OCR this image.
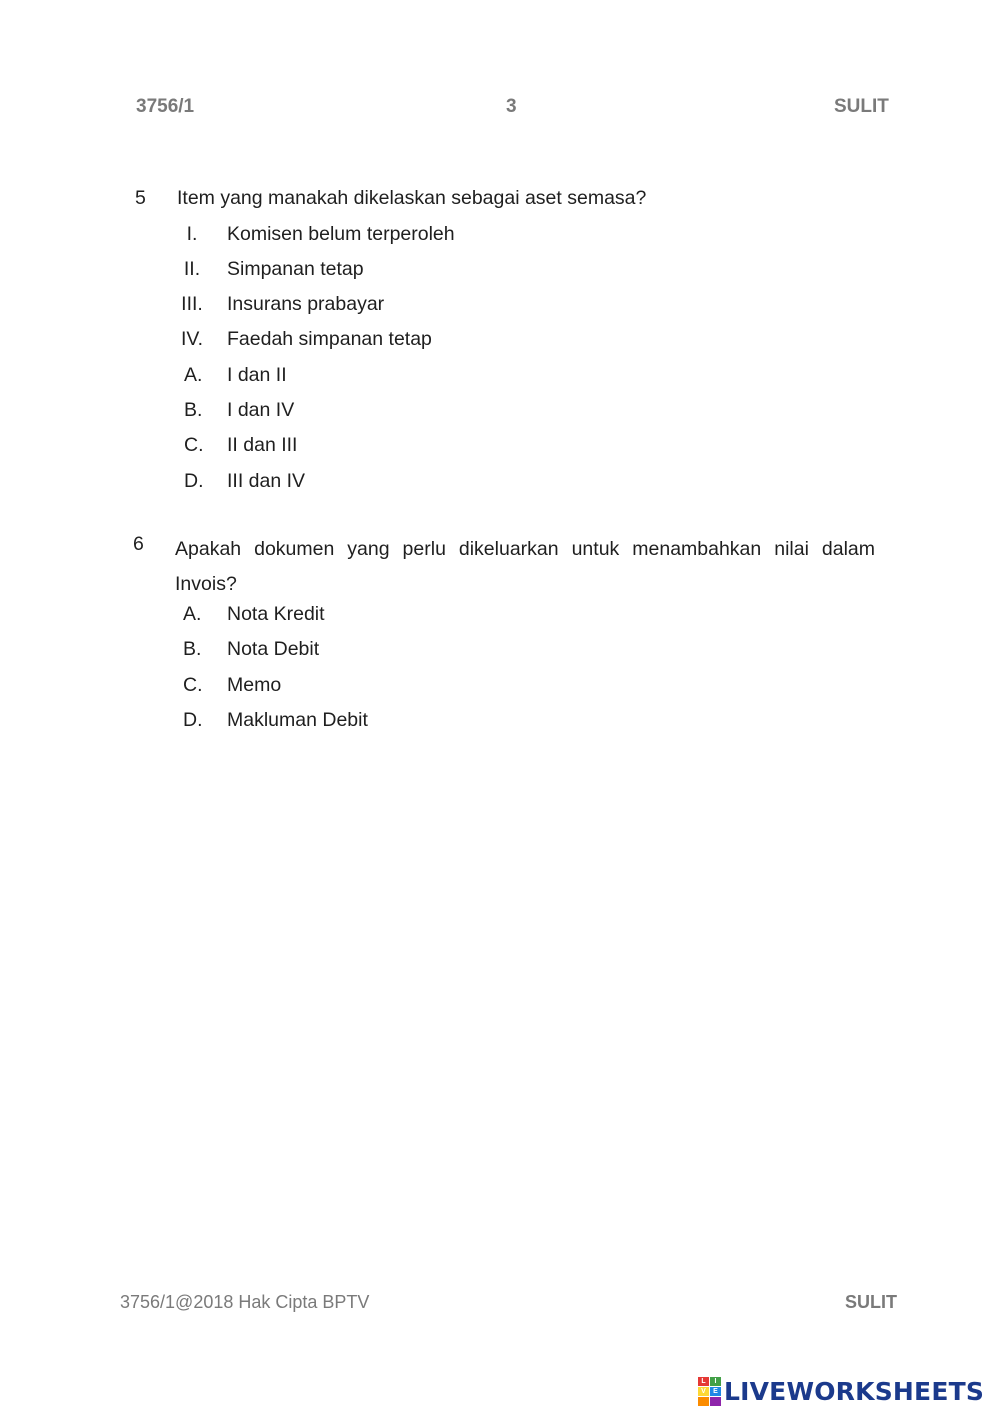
3756/1	3	SULIT
5 Item yang manakah dikelaskan sebagai aset semasa?
I.	Komisen belum terperoleh
II.	Simpanan tetap
III.	Insurans prabayar
IV.	Faedah simpanan tetap
A. I dan II
B. I dan IV
C. II dan III
D. III dan IV
6 Apakah dokumen yang perlu dikeluarkan untuk menambahkan nilai dalam Invois?
A. Nota Kredit
B. Nota Debit
C. Memo
D. Makluman Debit
3756/1@2018 Hak Cipta BPTV	SULIT
L	I
V	E LIVEWORKSHEETS
